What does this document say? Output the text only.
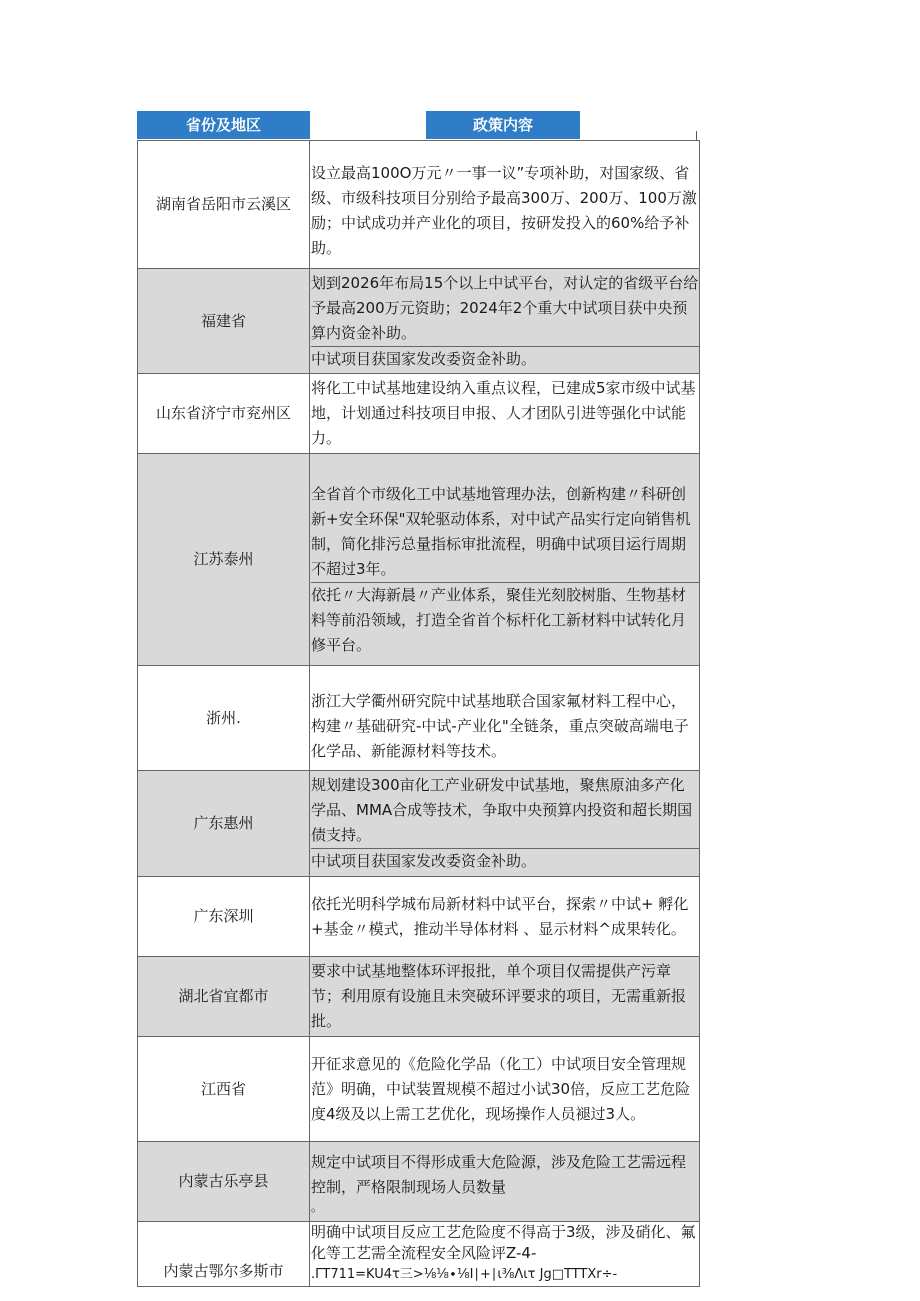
省份及地区	政策内容
湖南省岳阳市云溪区	设立最高100O万元〃一事一议”专项补助，对国家级、省级、市级科技项目分别给予最高300万、200万、100万激励；中试成功并产业化的项目，按研发投入的60%给予补助。

福建省	划到2026年布局15个以上中试平台，对认定的省级平台给予最高200万元资助；2024年2个重大中试项目获中央预算内资金补助。
中试项目获国家发改委资金补助。

山东省济宁市兖州区	将化工中试基地建设纳入重点议程，已建成5家市级中试基地，计划通过科技项目申报、人才团队引进等强化中试能力。

江苏泰州	全省首个市级化工中试基地管理办法，创新构建〃科研创新+安全环保"双轮驱动体系，对中试产品实行定向销售机制，简化排污总量指标审批流程，明确中试项目运行周期不超过3年。
依托〃大海新晨〃产业体系，聚佳光刻胶树脂、生物基材料等前沿领域，打造全省首个标杆化工新材料中试转化月修平台。

浙州.	浙江大学衢州研究院中试基地联合国家氟材料工程中心，构建〃基础研究-中试-产业化"全链条，重点突破高端电子化学品、新能源材料等技术。

广东惠州	规划建设300亩化工产业研发中试基地，聚焦原油多产化学品、MMA合成等技术，争取中央预算内投资和超长期国债支持。
中试项目获国家发改委资金补助。

广东深圳	依托光明科学城布局新材料中试平台，探索〃中试+ 孵化+基金〃模式，推动半导体材料 、显示材料^成果转化。

湖北省宜都市	要求中试基地整体环评报批，单个项目仅需提供产污章节；利用原有设施且未突破环评要求的项目，无需重新报批。

江西省	开征求意见的《危险化学品（化工）中试项目安全管理规范》明确，中试装置规模不超过小试30倍，反应工艺危险度4级及以上需工艺优化，现场操作人员褪过3人。

内蒙古乐亭县	规定中试项目不得形成重大危险源，涉及危险工艺需远程控制，严格限制现场人员数量
。

内蒙古鄂尔多斯市	明确中试项目反应工艺危险度不得高于3级，涉及硝化、氟化等工艺需全流程安全风险评Z-4-
.ΓT711=KU4τ三>⅛⅛∙⅛I∣+∣ι⅜Λιτ Jg□TTTXr÷-
